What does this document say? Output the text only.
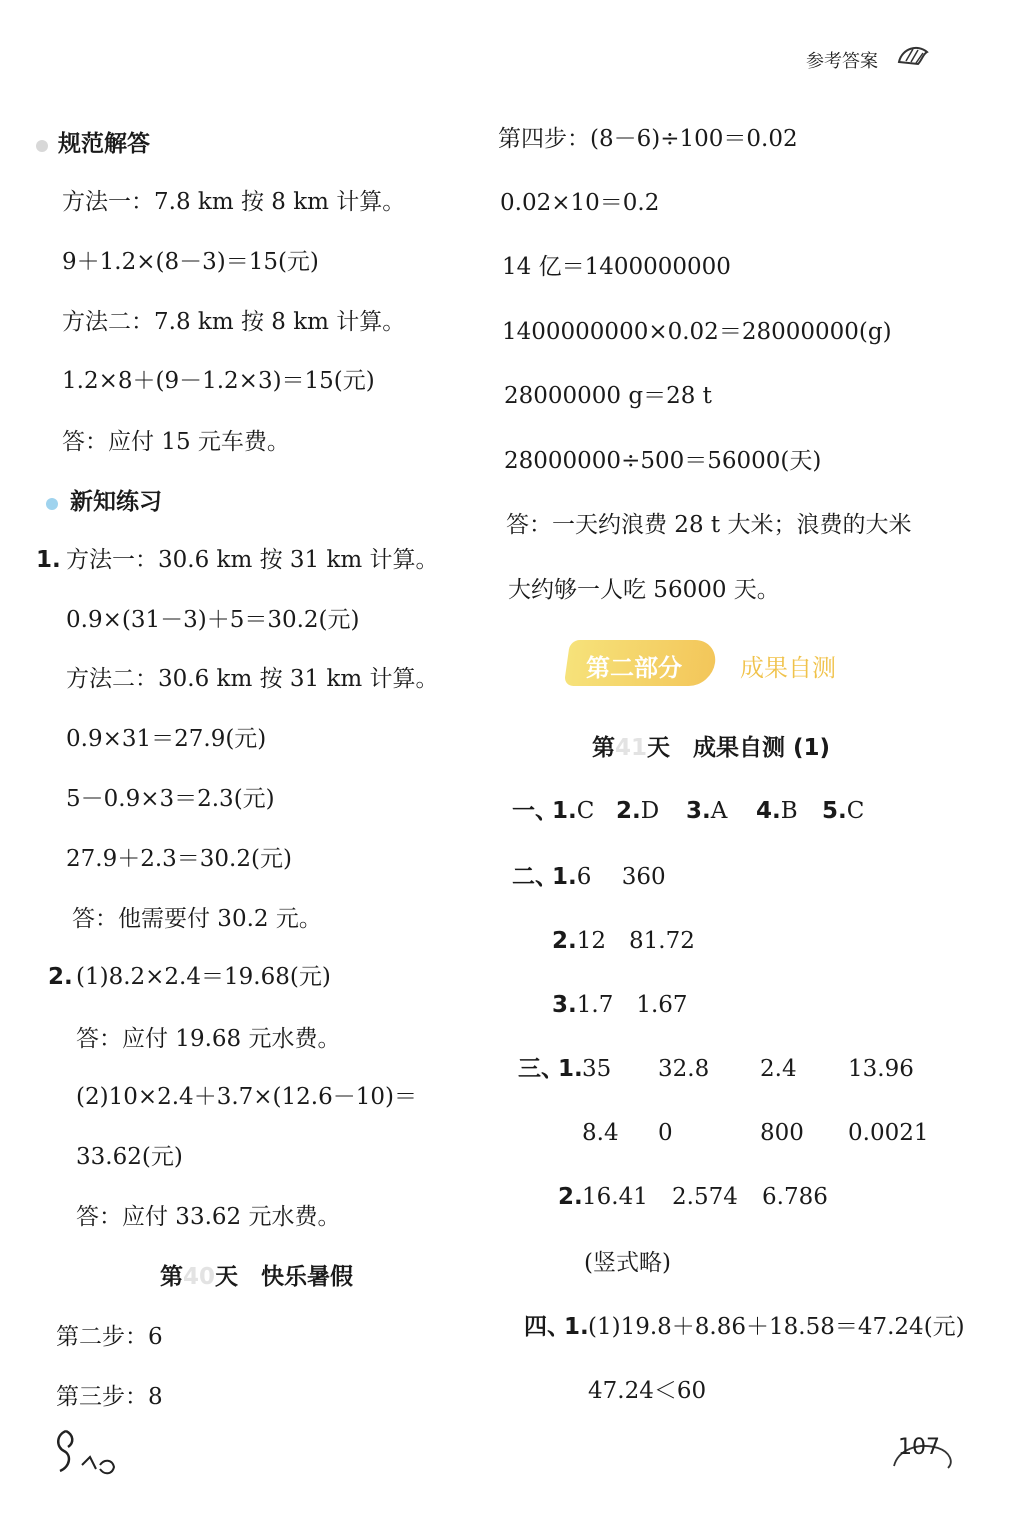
参考答案
规范解答
方法一：7.8 km 按 8 km 计算。
9＋1.2×(8－3)＝15(元)
方法二：7.8 km 按 8 km 计算。
1.2×8＋(9－1.2×3)＝15(元)
答：应付 15 元车费。
新知练习
1. 方法一：30.6 km 按 31 km 计算。
0.9×(31－3)＋5＝30.2(元)
方法二：30.6 km 按 31 km 计算。
0.9×31＝27.9(元)
5－0.9×3＝2.3(元)
27.9＋2.3＝30.2(元)
答：他需要付 30.2 元。
2. (1)8.2×2.4＝19.68(元)
答：应付 19.68 元水费。
(2)10×2.4＋3.7×(12.6－10)＝
33.62(元)
答：应付 33.62 元水费。
第40天　快乐暑假
第二步：6
第三步：8
第四步：(8－6)÷100＝0.02
0.02×10＝0.2
14 亿＝1400000000
1400000000×0.02＝28000000(g)
28000000 g＝28 t
28000000÷500＝56000(天)
答：一天约浪费 28 t 大米；浪费的大米
大约够一人吃 56000 天。
第二部分 成果自测
第41天　成果自测 (1)
一、
1.C 2.D 3.A 4.B 5.C
二、
1.6　 360
2.12　81.72
3.1.7　1.67
三、
1. 35 32.8 2.4 13.96
8.4 0	800 0.0021
2. 16.41 2.574 6.786
(竖式略)
四、
1. (1)19.8＋8.86＋18.58＝47.24(元)
47.24＜60
107
